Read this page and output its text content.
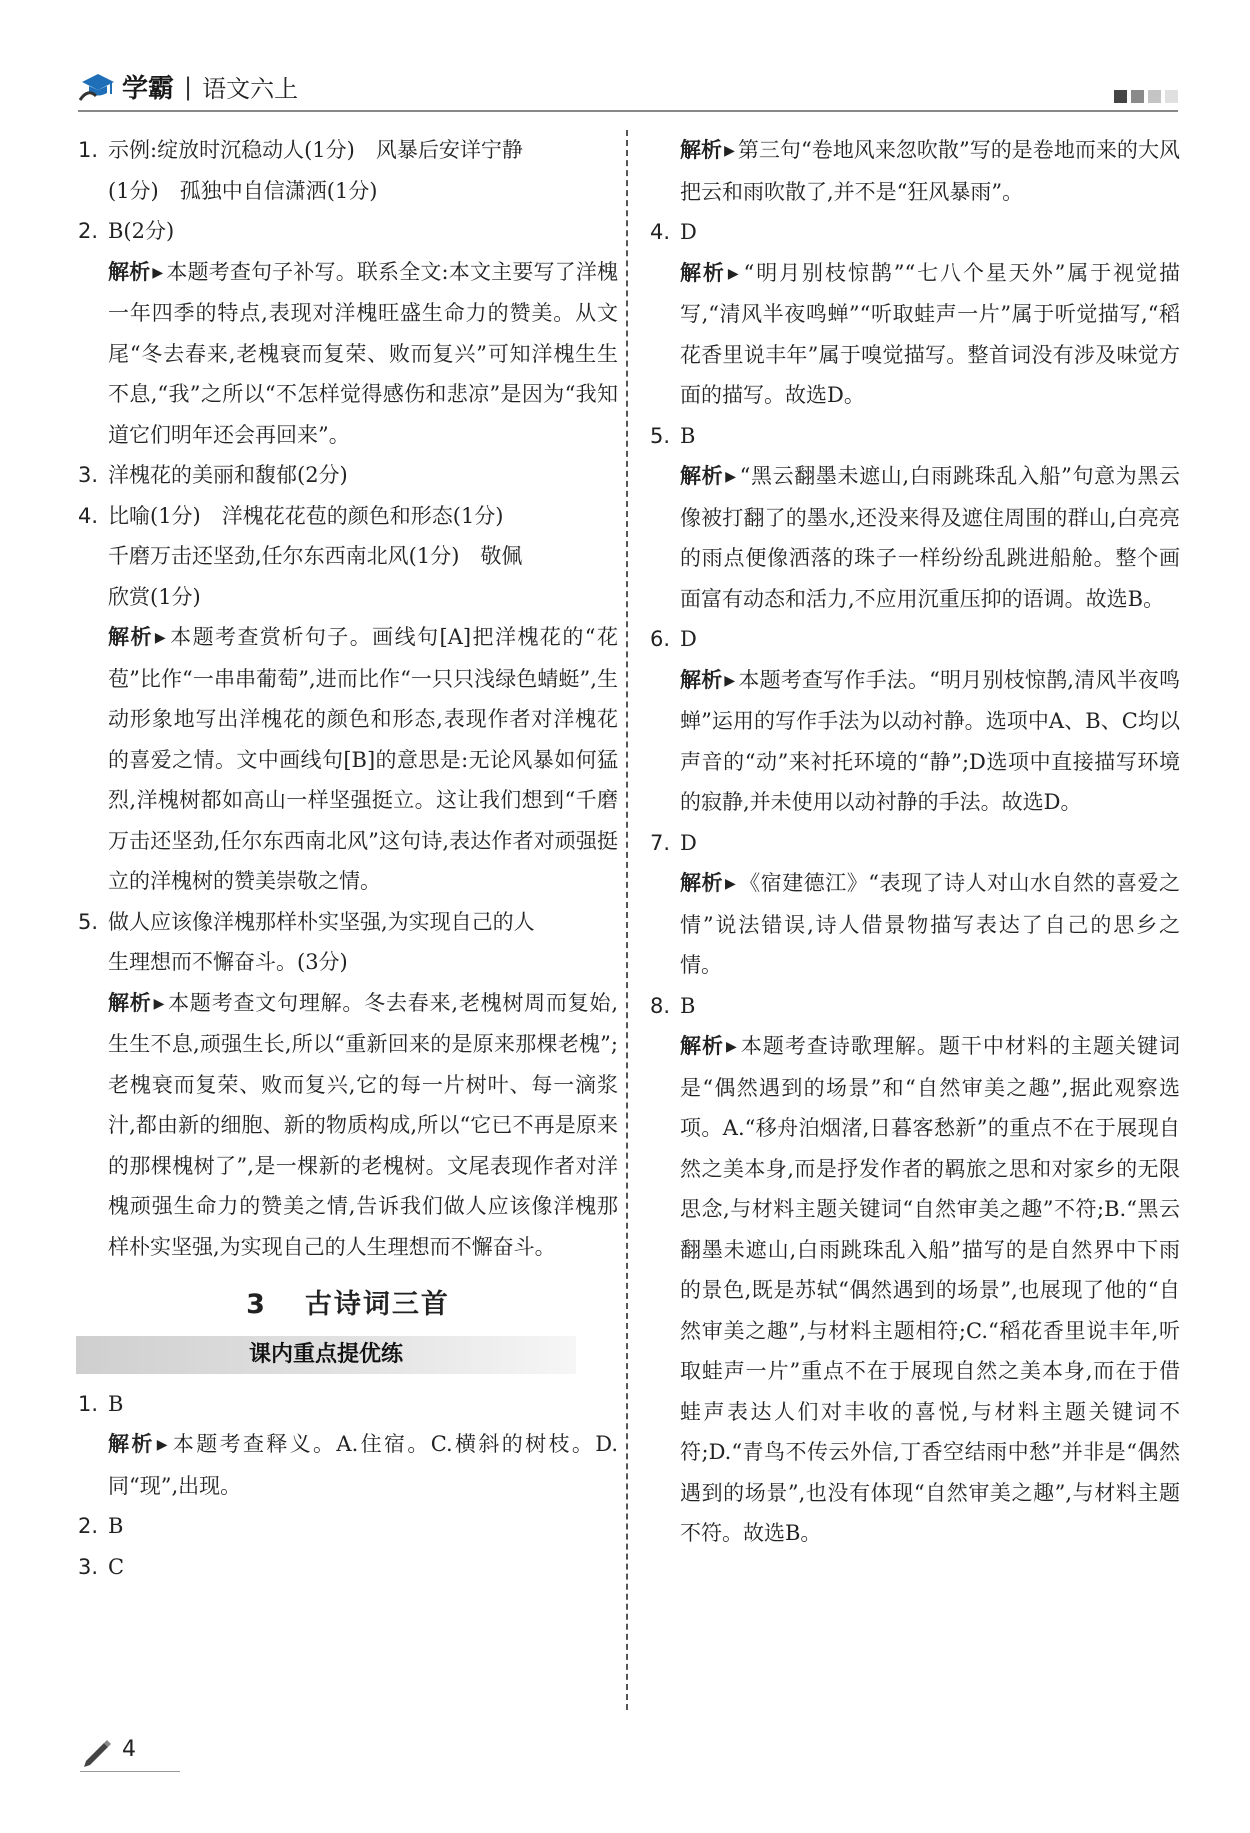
学霸 | 语文六上
1. 示例:绽放时沉稳动人(1分)　风暴后安详宁静
(1分)　孤独中自信潇洒(1分)
2. B(2分)
解析 ▶ 本题考查句子补写。联系全文:本文主要写了洋槐一年四季的特点,表现对洋槐旺盛生命力的赞美。从文尾“冬去春来,老槐衰而复荣、败而复兴”可知洋槐生生不息,“我”之所以“不怎样觉得感伤和悲凉”是因为“我知道它们明年还会再回来”。
3. 洋槐花的美丽和馥郁(2分)
4. 比喻(1分)　洋槐花花苞的颜色和形态(1分)
千磨万击还坚劲,任尔东西南北风(1分)　敬佩
欣赏(1分)
解析 ▶ 本题考查赏析句子。画线句[A]把洋槐花的“花苞”比作“一串串葡萄”,进而比作“一只只浅绿色蜻蜓”,生动形象地写出洋槐花的颜色和形态,表现作者对洋槐花的喜爱之情。文中画线句[B]的意思是:无论风暴如何猛烈,洋槐树都如高山一样坚强挺立。这让我们想到“千磨万击还坚劲,任尔东西南北风”这句诗,表达作者对顽强挺立的洋槐树的赞美崇敬之情。
5. 做人应该像洋槐那样朴实坚强,为实现自己的人
生理想而不懈奋斗。(3分)
解析 ▶ 本题考查文句理解。冬去春来,老槐树周而复始,生生不息,顽强生长,所以“重新回来的是原来那棵老槐”;老槐衰而复荣、败而复兴,它的每一片树叶、每一滴浆汁,都由新的细胞、新的物质构成,所以“它已不再是原来的那棵槐树了”,是一棵新的老槐树。文尾表现作者对洋槐顽强生命力的赞美之情,告诉我们做人应该像洋槐那样朴实坚强,为实现自己的人生理想而不懈奋斗。
3 古诗词三首
课内重点提优练
1. B
解析 ▶ 本题考查释义。A.住宿。C.横斜的树枝。D.同“现”,出现。
2. B
3. C
解析 ▶ 第三句“卷地风来忽吹散”写的是卷地而来的大风把云和雨吹散了,并不是“狂风暴雨”。
4. D
解析 ▶ “明月别枝惊鹊”“七八个星天外”属于视觉描写,“清风半夜鸣蝉”“听取蛙声一片”属于听觉描写,“稻花香里说丰年”属于嗅觉描写。整首词没有涉及味觉方面的描写。故选D。
5. B
解析 ▶ “黑云翻墨未遮山,白雨跳珠乱入船”句意为黑云像被打翻了的墨水,还没来得及遮住周围的群山,白亮亮的雨点便像洒落的珠子一样纷纷乱跳进船舱。整个画面富有动态和活力,不应用沉重压抑的语调。故选B。
6. D
解析 ▶ 本题考查写作手法。“明月别枝惊鹊,清风半夜鸣蝉”运用的写作手法为以动衬静。选项中A、B、C均以声音的“动”来衬托环境的“静”;D选项中直接描写环境的寂静,并未使用以动衬静的手法。故选D。
7. D
解析 ▶ 《宿建德江》“表现了诗人对山水自然的喜爱之情”说法错误,诗人借景物描写表达了自己的思乡之情。
8. B
解析 ▶ 本题考查诗歌理解。题干中材料的主题关键词是“偶然遇到的场景”和“自然审美之趣”,据此观察选项。A.“移舟泊烟渚,日暮客愁新”的重点不在于展现自然之美本身,而是抒发作者的羁旅之思和对家乡的无限思念,与材料主题关键词“自然审美之趣”不符;B.“黑云翻墨未遮山,白雨跳珠乱入船”描写的是自然界中下雨的景色,既是苏轼“偶然遇到的场景”,也展现了他的“自然审美之趣”,与材料主题相符;C.“稻花香里说丰年,听取蛙声一片”重点不在于展现自然之美本身,而在于借蛙声表达人们对丰收的喜悦,与材料主题关键词不符;D.“青鸟不传云外信,丁香空结雨中愁”并非是“偶然遇到的场景”,也没有体现“自然审美之趣”,与材料主题不符。故选B。
4
